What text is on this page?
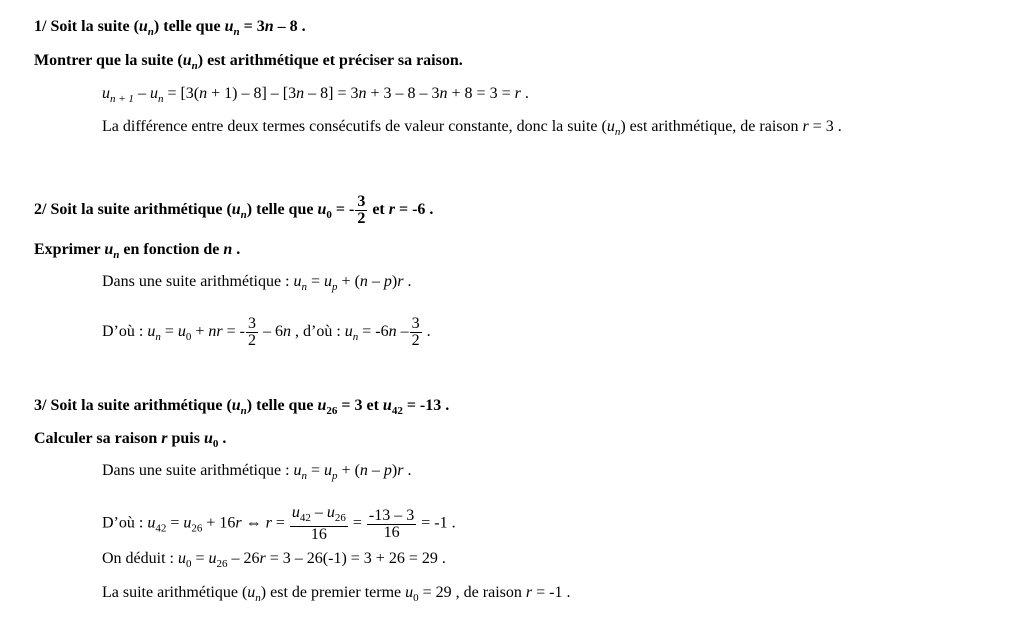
1/ Soit la suite $(u_n)$ telle que $u_n = 3n - 8$ .
Montrer que la suite $(u_n)$ est arithmétique et préciser sa raison.
$u_{n + 1} - u_n = [3(n + 1) - 8] - [3n - 8] = 3n + 3 - 8 - 3n + 8 = 3 = r$ .
La différence entre deux termes consécutifs de valeur constante, donc la suite $(u_n)$ est arithmétique, de raison r = 3 .
2/ Soit la suite arithmétique $(u_n)$ telle que $u_0$ = - $\frac{3}{2}$ et r = -6 .
Exprimer $u_n$ en fonction de n .
Dans une suite arithmétique : $u_n = u_p + (n - p)r$ .
D’où : $u_n = u_0$ + nr = - $\frac{3}{2} - 6n$ , d’où : $u_n = -6n - \frac{3}{2}$ .
3/ Soit la suite arithmétique $(u_n)$ telle que $u_{26} = 3$ et $u_{42} = -13$ .
Calculer sa raison r puis $u_0$ .
Dans une suite arithmétique : $u_n = u_p + (n - p)r$ .
D’où : $u_{42} = u_{26} + 16r$ ⇔ $r = \frac{u_{42} - u_{26}}{16} = \frac{-13 - 3}{16} = -1$ .
On déduit : $u_0 = u_{26} - 26r = 3 - 26(-1) = 3 + 26 = 29$ .
La suite arithmétique $(u_n)$ est de premier terme $u_0 = 29$ , de raison r = -1 .
